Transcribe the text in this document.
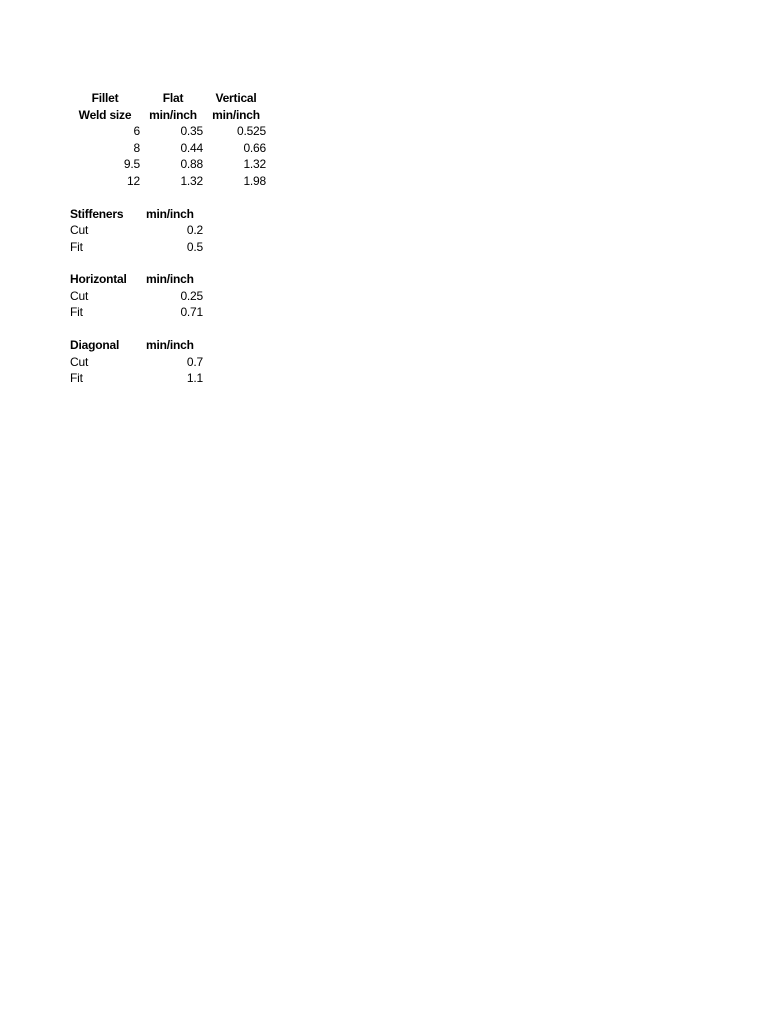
Fillet	Flat	Vertical
Weld size	min/inch	min/inch
6	0.35	0.525
8	0.44	0.66
9.5	0.88	1.32
12	1.32	1.98
Stiffeners	min/inch
Cut	0.2
Fit	0.5
Horizontal	min/inch
Cut	0.25
Fit	0.71
Diagonal	min/inch
Cut	0.7
Fit	1.1
